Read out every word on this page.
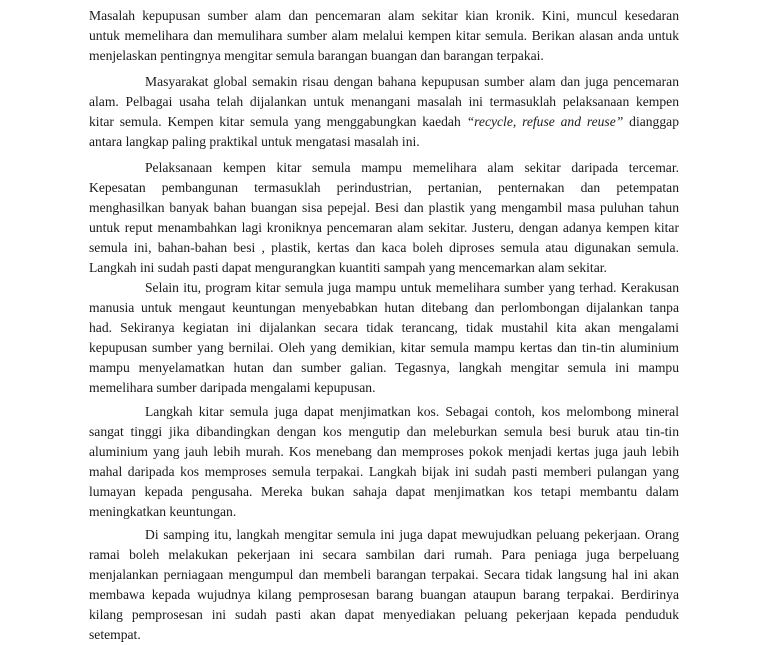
Masalah kepupusan sumber alam dan pencemaran alam sekitar kian kronik. Kini, muncul kesedaran
untuk memelihara dan memulihara sumber alam melalui kempen kitar semula. Berikan alasan anda untuk
menjelaskan pentingnya mengitar semula barangan buangan dan barangan terpakai.
Masyarakat global semakin risau dengan bahana kepupusan sumber alam dan juga pencemaran
alam. Pelbagai usaha telah dijalankan untuk menangani masalah ini termasuklah pelaksanaan kempen
kitar semula. Kempen kitar semula yang menggabungkan kaedah “recycle, refuse and reuse” dianggap
antara langkap paling praktikal untuk mengatasi masalah ini.
Pelaksanaan kempen kitar semula mampu memelihara alam sekitar daripada tercemar.
Kepesatan pembangunan termasuklah perindustrian, pertanian, penternakan dan petempatan
menghasilkan banyak bahan buangan sisa pepejal. Besi dan plastik yang mengambil masa puluhan tahun
untuk reput menambahkan lagi kroniknya pencemaran alam sekitar. Justeru, dengan adanya kempen kitar
semula ini, bahan-bahan besi , plastik, kertas dan kaca boleh diproses semula atau digunakan semula.
Langkah ini sudah pasti dapat mengurangkan kuantiti sampah yang mencemarkan alam sekitar.
Selain itu, program kitar semula juga mampu untuk memelihara sumber yang terhad. Kerakusan
manusia untuk mengaut keuntungan menyebabkan hutan ditebang dan perlombongan dijalankan tanpa
had. Sekiranya kegiatan ini dijalankan secara tidak terancang, tidak mustahil kita akan mengalami
kepupusan sumber yang bernilai. Oleh yang demikian, kitar semula mampu kertas dan tin-tin aluminium
mampu menyelamatkan hutan dan sumber galian. Tegasnya, langkah mengitar semula ini mampu
memelihara sumber daripada mengalami kepupusan.
Langkah kitar semula juga dapat menjimatkan kos. Sebagai contoh, kos melombong mineral
sangat tinggi jika dibandingkan dengan kos mengutip dan meleburkan semula besi buruk atau tin-tin
aluminium yang jauh lebih murah. Kos menebang dan memproses pokok menjadi kertas juga jauh lebih
mahal daripada kos memproses semula terpakai. Langkah bijak ini sudah pasti memberi pulangan yang
lumayan kepada pengusaha. Mereka bukan sahaja dapat menjimatkan kos tetapi membantu dalam
meningkatkan keuntungan.
Di samping itu, langkah mengitar semula ini juga dapat mewujudkan peluang pekerjaan. Orang
ramai boleh melakukan pekerjaan ini secara sambilan dari rumah. Para peniaga juga berpeluang
menjalankan perniagaan mengumpul dan membeli barangan terpakai. Secara tidak langsung hal ini akan
membawa kepada wujudnya kilang pemprosesan barang buangan ataupun barang terpakai. Berdirinya
kilang pemprosesan ini sudah pasti akan dapat menyediakan peluang pekerjaan kepada penduduk
setempat.
